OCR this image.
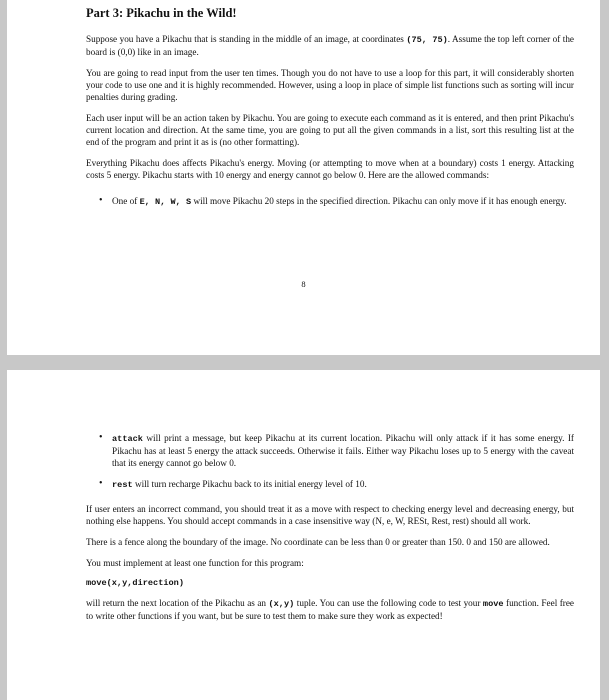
Part 3: Pikachu in the Wild!

Suppose you have a Pikachu that is standing in the middle of an image, at coordinates (75, 75). Assume the top left corner of the board is (0,0) like in an image.

You are going to read input from the user ten times. Though you do not have to use a loop for this part, it will considerably shorten your code to use one and it is highly recommended. However, using a loop in place of simple list functions such as sorting will incur penalties during grading.

Each user input will be an action taken by Pikachu. You are going to execute each command as it is entered, and then print Pikachu's current location and direction. At the same time, you are going to put all the given commands in a list, sort this resulting list at the end of the program and print it as is (no other formatting).

Everything Pikachu does affects Pikachu's energy. Moving (or attempting to move when at a boundary) costs 1 energy. Attacking costs 5 energy. Pikachu starts with 10 energy and energy cannot go below 0. Here are the allowed commands:

• One of E, N, W, S will move Pikachu 20 steps in the specified direction. Pikachu can only move if it has enough energy.
8
• attack will print a message, but keep Pikachu at its current location. Pikachu will only attack if it has some energy. If Pikachu has at least 5 energy the attack succeeds. Otherwise it fails. Either way Pikachu loses up to 5 energy with the caveat that its energy cannot go below 0.
• rest will turn recharge Pikachu back to its initial energy level of 10.

If user enters an incorrect command, you should treat it as a move with respect to checking energy level and decreasing energy, but nothing else happens. You should accept commands in a case insensitive way (N, e, W, RESt, Rest, rest) should all work.

There is a fence along the boundary of the image. No coordinate can be less than 0 or greater than 150. 0 and 150 are allowed.

You must implement at least one function for this program:

move(x,y,direction)

will return the next location of the Pikachu as an (x,y) tuple. You can use the following code to test your move function. Feel free to write other functions if you want, but be sure to test them to make sure they work as expected!
